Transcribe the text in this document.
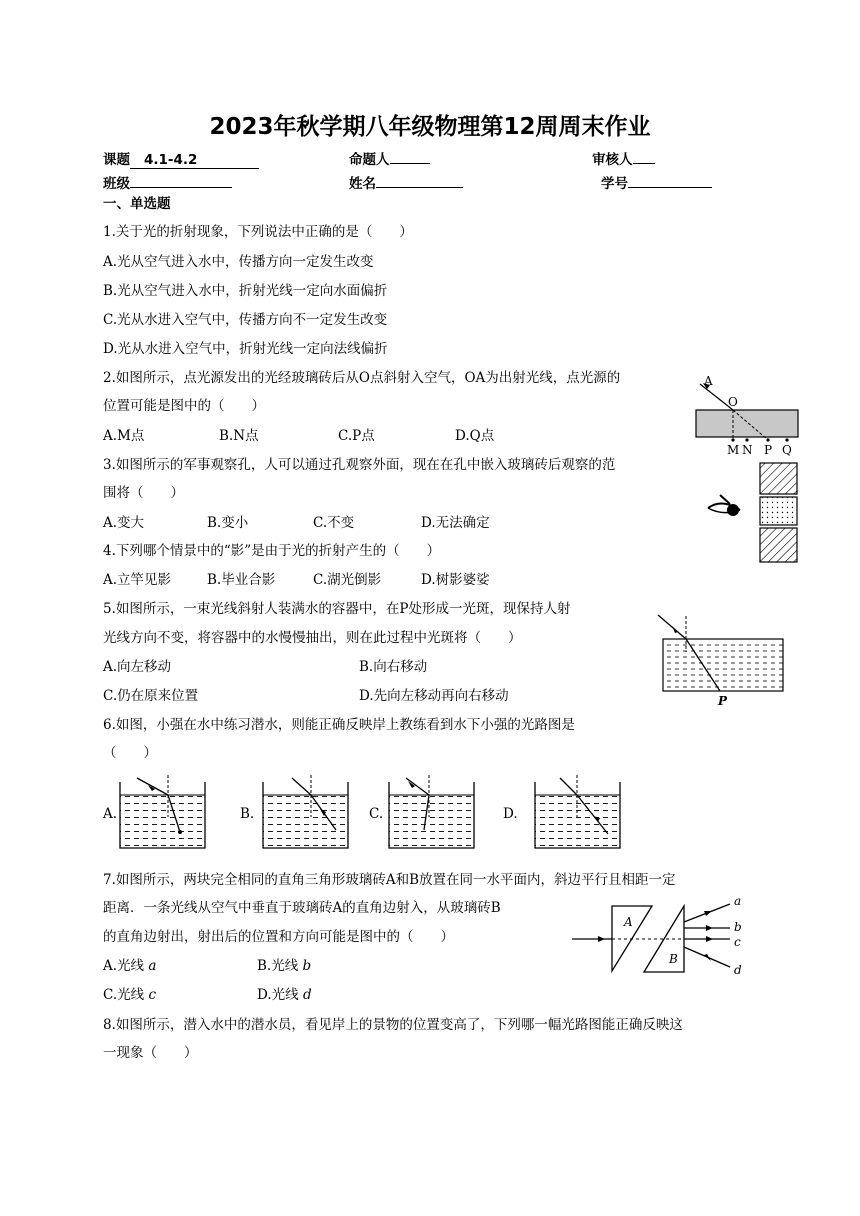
2023年秋学期八年级物理第12周周末作业
课题 4.1-4.2	命题人	审核人
班级	姓名	学号
一、单选题
1.关于光的折射现象，下列说法中正确的是（　　）
A.光从空气进入水中，传播方向一定发生改变
B.光从空气进入水中，折射光线一定向水面偏折
C.光从水进入空气中，传播方向不一定发生改变
D.光从水进入空气中，折射光线一定向法线偏折
2.如图所示，点光源发出的光经玻璃砖后从O点斜射入空气，OA为出射光线，点光源的
位置可能是图中的（　　）
A.M点	B.N点	C.P点	D.Q点
A
O
M N P Q
3.如图所示的军事观察孔，人可以通过孔观察外面，现在在孔中嵌入玻璃砖后观察的范
围将（　　）
A.变大	B.变小	C.不变	D.无法确定
4.下列哪个情景中的“影”是由于光的折射产生的（　　）
A.立竿见影	B.毕业合影	C.湖光倒影	D.树影婆娑
5.如图所示，一束光线斜射人装满水的容器中，在P处形成一光斑，现保持人射
光线方向不变，将容器中的水慢慢抽出，则在此过程中光斑将（　　）
A.向左移动	B.向右移动
C.仍在原来位置	D.先向左移动再向右移动	P
6.如图，小强在水中练习潜水，则能正确反映岸上教练看到水下小强的光路图是
（　　）
A.	B.	C.	D.
7.如图所示，两块完全相同的直角三角形玻璃砖A和B放置在同一水平面内，斜边平行且相距一定
距离．一条光线从空气中垂直于玻璃砖A的直角边射入，从玻璃砖B
的直角边射出，射出后的位置和方向可能是图中的（　　）
A.光线 a	B.光线 b
C.光线 c	D.光线 d
A
B
a
b
c
d
8.如图所示，潜入水中的潜水员，看见岸上的景物的位置变高了，下列哪一幅光路图能正确反映这
一现象（　　）
